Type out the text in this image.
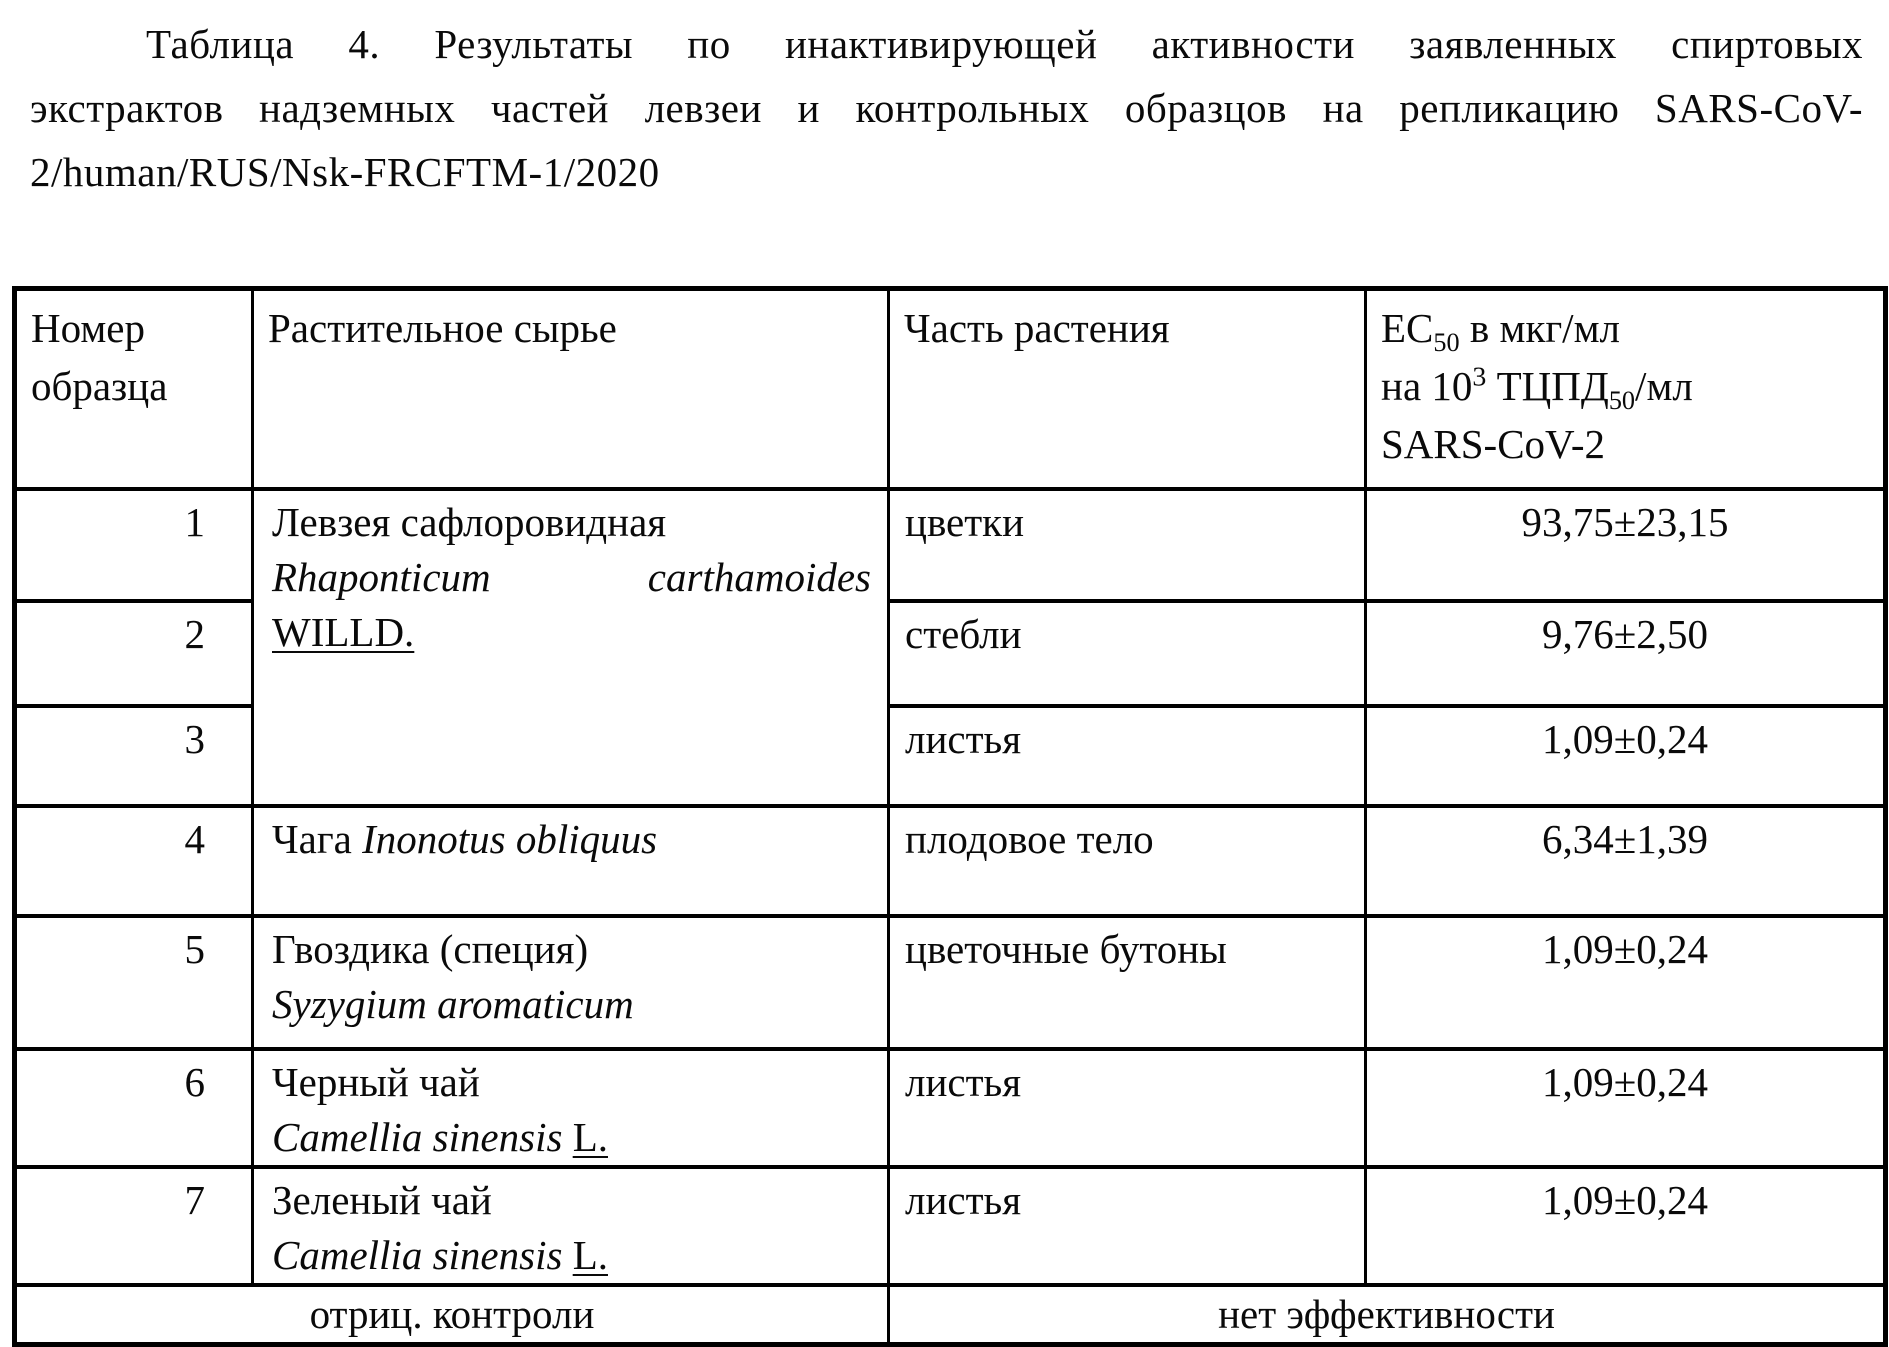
Таблица 4. Результаты по инактивирующей активности заявленных спиртовых
экстрактов надземных частей левзеи и контрольных образцов на репликацию SARS-CoV-
2/human/RUS/Nsk-FRCFTM-1/2020
Номер образца	Растительное сырье	Часть растения	$EC_{50}$ в мкг/мл
на $10^3$ $ТЦПД_{50}/мл$
SARS-CoV-2

1	Левзея сафлоровидная
Rhaponticum carthamoides
WILLD.	цветки	93,75±23,15
2		стебли	9,76±2,50
3		листья	1,09±0,24
4	Чага Inonotus obliquus	плодовое тело	6,34±1,39
5	Гвоздика (специя)
Syzygium aromaticum	цветочные бутоны	1,09±0,24
6	Черный чай
Camellia sinensis L.	листья	1,09±0,24
7	Зеленый чай
Camellia sinensis L.	листья	1,09±0,24
отриц. контроли		нет эффективности	
